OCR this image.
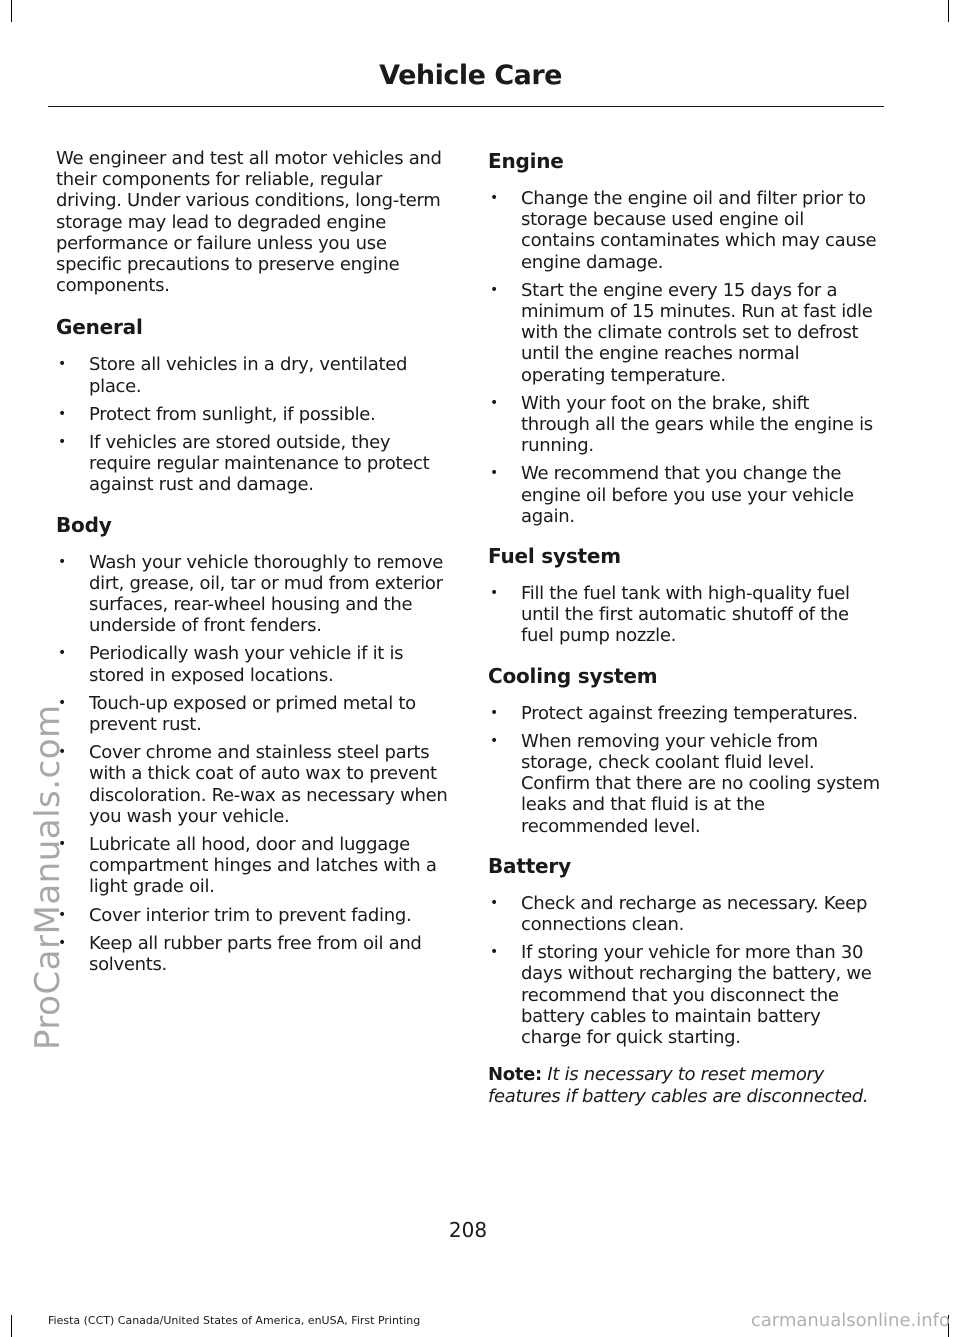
Vehicle Care
ProCarManuals.com

We engineer and test all motor vehicles and their components for reliable, regular driving. Under various conditions, long-term storage may lead to degraded engine performance or failure unless you use specific precautions to preserve engine components.

General
• Store all vehicles in a dry, ventilated place.
• Protect from sunlight, if possible.
• If vehicles are stored outside, they require regular maintenance to protect against rust and damage.
Body
• Wash your vehicle thoroughly to remove dirt, grease, oil, tar or mud from exterior surfaces, rear-wheel housing and the underside of front fenders.
• Periodically wash your vehicle if it is stored in exposed locations.
• Touch-up exposed or primed metal to prevent rust.
• Cover chrome and stainless steel parts with a thick coat of auto wax to prevent discoloration. Re-wax as necessary when you wash your vehicle.
• Lubricate all hood, door and luggage compartment hinges and latches with a light grade oil.
• Cover interior trim to prevent fading.
• Keep all rubber parts free from oil and solvents.
Engine
• Change the engine oil and filter prior to storage because used engine oil contains contaminates which may cause engine damage.
• Start the engine every 15 days for a minimum of 15 minutes. Run at fast idle with the climate controls set to defrost until the engine reaches normal operating temperature.
• With your foot on the brake, shift through all the gears while the engine is running.
• We recommend that you change the engine oil before you use your vehicle again.
Fuel system
• Fill the fuel tank with high-quality fuel until the first automatic shutoff of the fuel pump nozzle.
Cooling system
• Protect against freezing temperatures.
• When removing your vehicle from storage, check coolant fluid level. Confirm that there are no cooling system leaks and that fluid is at the recommended level.
Battery
• Check and recharge as necessary. Keep connections clean.
• If storing your vehicle for more than 30 days without recharging the battery, we recommend that you disconnect the battery cables to maintain battery charge for quick starting.

Note: It is necessary to reset memory features if battery cables are disconnected.

208
Fiesta (CCT) Canada/United States of America, enUSA, First Printing	carmanualsonline.info
